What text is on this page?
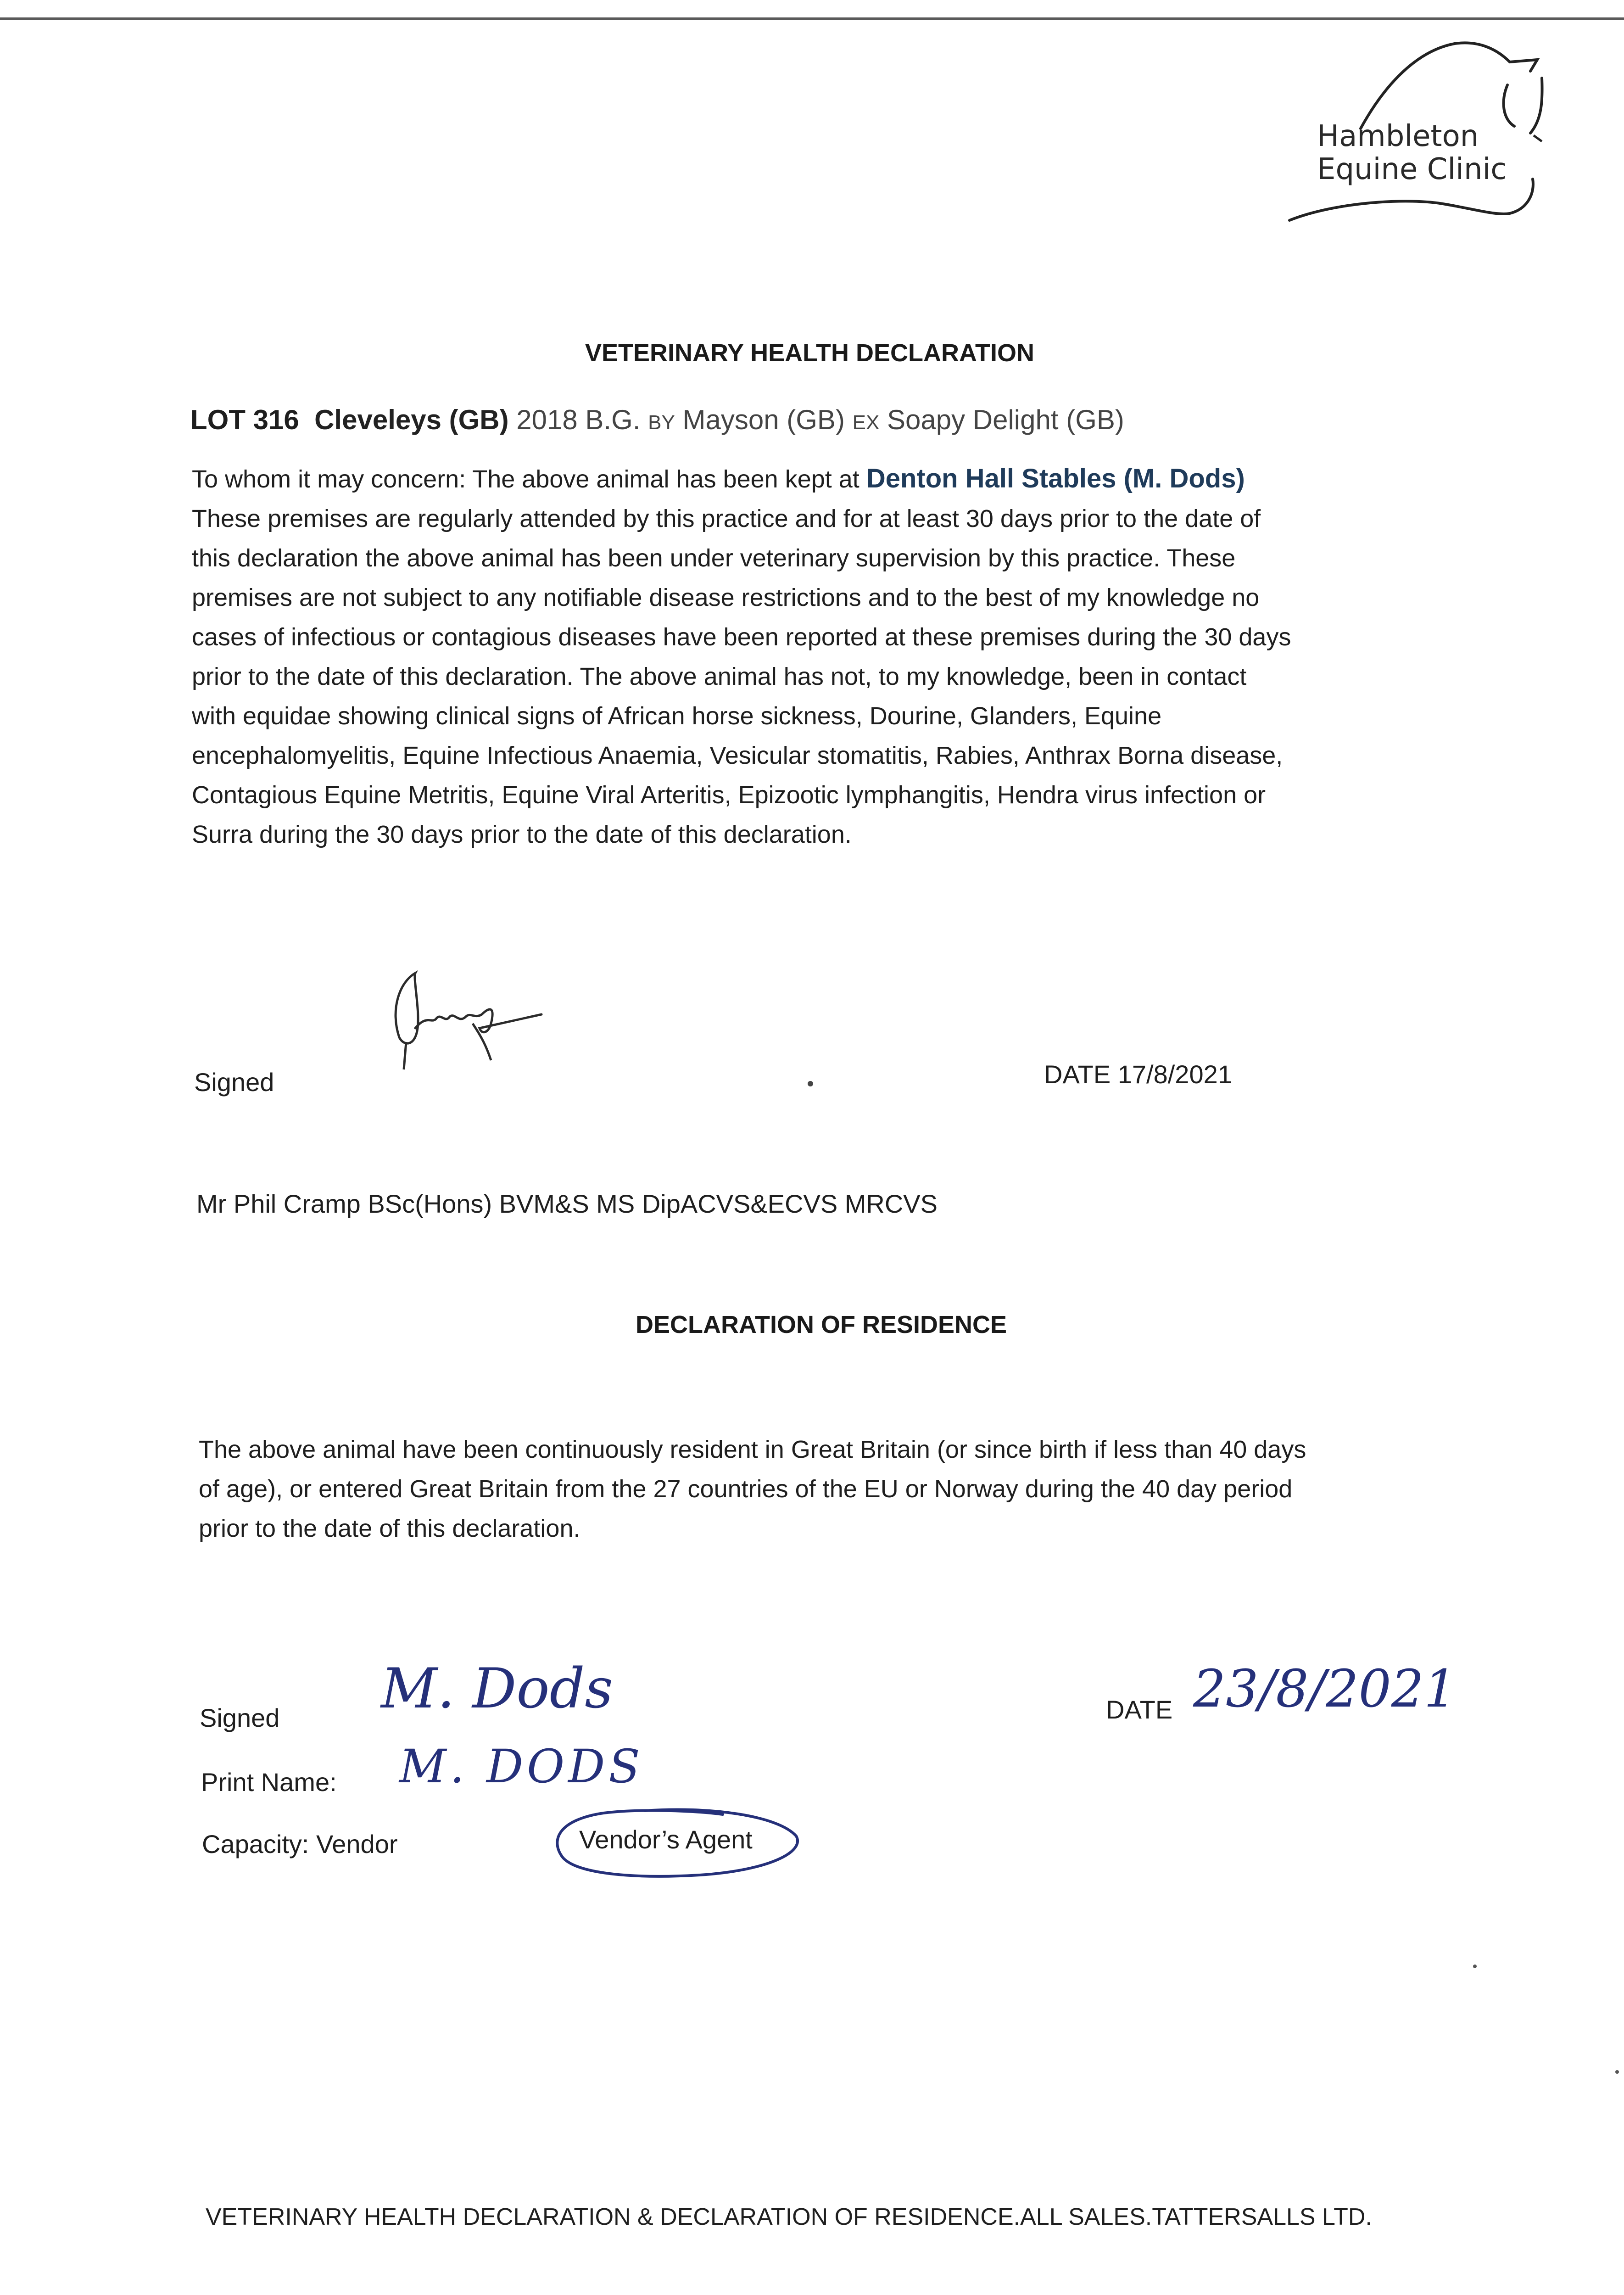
Hambleton
Equine Clinic
VETERINARY HEALTH DECLARATION
LOT 316 Cleveleys (GB) 2018 B.G. BY Mayson (GB) EX Soapy Delight (GB)
To whom it may concern: The above animal has been kept at Denton Hall Stables (M. Dods)
These premises are regularly attended by this practice and for at least 30 days prior to the date of
this declaration the above animal has been under veterinary supervision by this practice. These
premises are not subject to any notifiable disease restrictions and to the best of my knowledge no
cases of infectious or contagious diseases have been reported at these premises during the 30 days
prior to the date of this declaration. The above animal has not, to my knowledge, been in contact
with equidae showing clinical signs of African horse sickness, Dourine, Glanders, Equine
encephalomyelitis, Equine Infectious Anaemia, Vesicular stomatitis, Rabies, Anthrax Borna disease,
Contagious Equine Metritis, Equine Viral Arteritis, Epizootic lymphangitis, Hendra virus infection or
Surra during the 30 days prior to the date of this declaration.
Signed	DATE 17/8/2021
Mr Phil Cramp BSc(Hons) BVM&S MS DipACVS&ECVS MRCVS
DECLARATION OF RESIDENCE
The above animal have been continuously resident in Great Britain (or since birth if less than 40 days
of age), or entered Great Britain from the 27 countries of the EU or Norway during the 40 day period
prior to the date of this declaration.
Signed M. Dods	DATE 23/8/2021
Print Name: M. DODS
Capacity: Vendor	Vendor’s Agent
VETERINARY HEALTH DECLARATION & DECLARATION OF RESIDENCE.ALL SALES.TATTERSALLS LTD.
